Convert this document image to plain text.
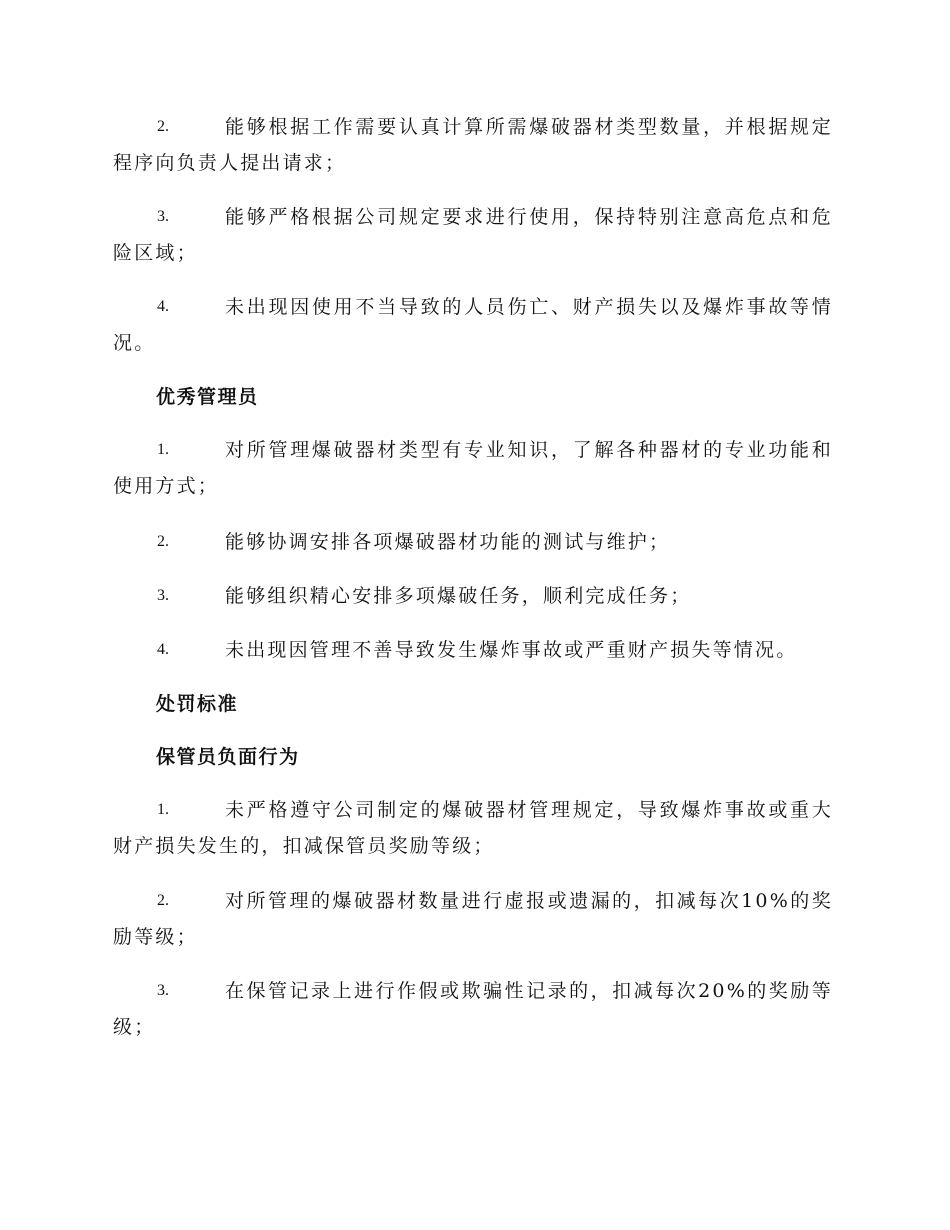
2.	能够根据工作需要认真计算所需爆破器材类型数量，并根据规定程序向负责人提出请求；
3.	能够严格根据公司规定要求进行使用，保持特别注意高危点和危险区域；
4.	未出现因使用不当导致的人员伤亡、财产损失以及爆炸事故等情况。
优秀管理员
1.	对所管理爆破器材类型有专业知识，了解各种器材的专业功能和使用方式；
2.	能够协调安排各项爆破器材功能的测试与维护；
3.	能够组织精心安排多项爆破任务，顺利完成任务；
4.	未出现因管理不善导致发生爆炸事故或严重财产损失等情况。
处罚标准
保管员负面行为
1.	未严格遵守公司制定的爆破器材管理规定，导致爆炸事故或重大财产损失发生的，扣减保管员奖励等级；
2.	对所管理的爆破器材数量进行虚报或遗漏的，扣减每次10%的奖励等级；
3.	在保管记录上进行作假或欺骗性记录的，扣减每次20%的奖励等级；
